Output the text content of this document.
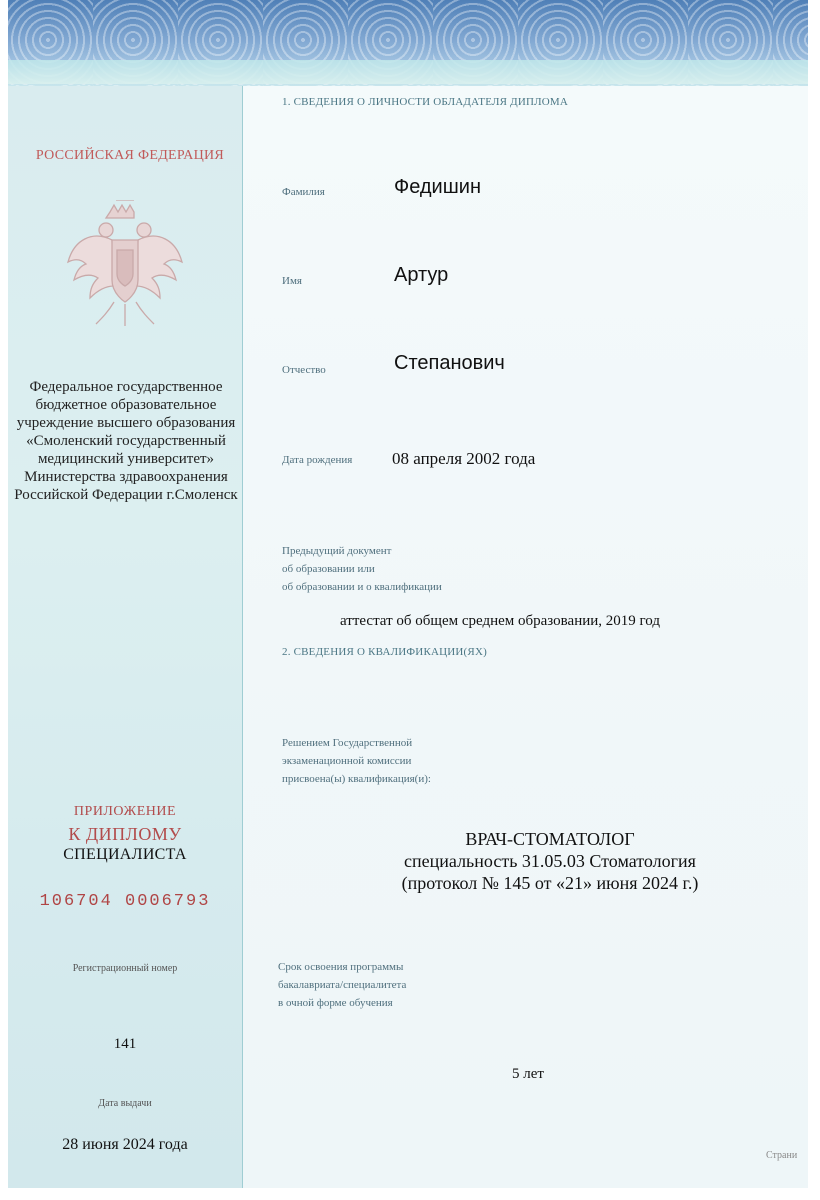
РОССИЙСКАЯ ФЕДЕРАЦИЯ
Федеральное государственное бюджетное образовательное учреждение высшего образования «Смоленский государственный медицинский университет» Министерства здравоохранения Российской Федерации г.Смоленск
ПРИЛОЖЕНИЕ
К ДИПЛОМУ
СПЕЦИАЛИСТА
106704 0006793
Регистрационный номер
141
Дата выдачи
28 июня 2024 года
1. СВЕДЕНИЯ О ЛИЧНОСТИ ОБЛАДАТЕЛЯ ДИПЛОМА
Фамилия	Федишин
Имя	Артур
Отчество	Степанович
Дата рождения 08 апреля 2002 года
Предыдущий документ
об образовании или
об образовании и о квалификации
аттестат об общем среднем образовании, 2019 год
2. СВЕДЕНИЯ О КВАЛИФИКАЦИИ(ЯХ)
Решением Государственной
экзаменационной комиссии
присвоена(ы) квалификация(и):
ВРАЧ-СТОМАТОЛОГ
специальность 31.05.03 Стоматология
(протокол № 145 от «21» июня 2024 г.)
Срок освоения программы
бакалавриата/специалитета
в очной форме обучения
5 лет
Страни
